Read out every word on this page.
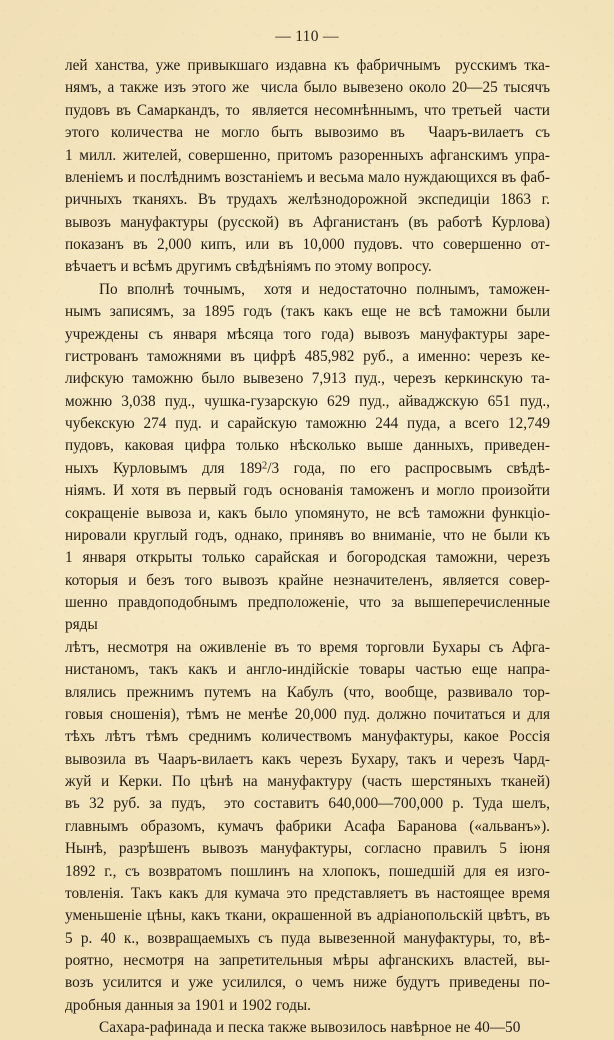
— 110 —

лей ханства, уже привыкшаго издавна къ фабричнымъ  русскимъ тка-
нямъ, а также изъ этого же  числа было вывезено около 20—25 тысячъ
пудовъ въ Самаркандъ, то  является несомнѣннымъ, что третьей  части
этого количества не могло быть вывозимо въ  Чааръ-вилаетъ съ
1 милл. жителей, совершенно, притомъ разоренныхъ афганскимъ упра-
вленіемъ и послѣднимъ возстаніемъ и весьма мало нуждающихся въ фаб-
ричныхъ тканяхъ. Въ трудахъ желѣзнодорожной экспедиціи 1863 г.
вывозъ мануфактуры (русской) въ Афганистанъ (въ работѣ Курлова)
показанъ въ 2,000 кипъ, или въ 10,000 пудовъ. что совершенно от-
вѣчаетъ и всѣмъ другимъ свѣдѣніямъ по этому вопросу.

По вполнѣ точнымъ,  хотя и недостаточно полнымъ, таможен-
нымъ записямъ, за 1895 годъ (такъ какъ еще не всѣ таможни были
учреждены съ января мѣсяца того года) вывозъ мануфактуры заре-
гистрованъ таможнями въ цифрѣ 485,982 руб., а именно: черезъ ке-
лифскую таможню было вывезено 7,913 пуд., черезъ керкинскую та-
можню 3,038 пуд., чушка-гузарскую 629 пуд., айваджскую 651 пуд.,
чубекскую 274 пуд. и сарайскую таможню 244 пуда, а всего 12,749
пудовъ, каковая цифра только нѣсколько выше данныхъ, приведен-
ныхъ Курловымъ для $189^2/3$ года, по его распросвымъ свѣдѣ-
ніямъ. И хотя въ первый годъ основанія таможенъ и могло произойти
сокращеніе вывоза и, какъ было упомянуто, не всѣ таможни функціо-
нировали круглый годъ, однако, принявъ во вниманіе, что не были къ
1 января открыты только сарайская и богородская таможни, черезъ
которыя и безъ того вывозъ крайне незначителенъ, является совер-
шенно правдоподобнымъ предположеніе, что за вышеперечисленные ряды
лѣтъ, несмотря на оживленіе въ то время торговли Бухары съ Афга-
нистаномъ, такъ какъ и англо-индійскіе товары частью еще напра-
влялись прежнимъ путемъ на Кабулъ (что, вообще, развивало тор-
говыя сношенія), тѣмъ не менѣе 20,000 пуд. должно почитаться и для
тѣхъ лѣтъ тѣмъ среднимъ количествомъ мануфактуры, какое Россія
вывозила въ Чааръ-вилаетъ какъ черезъ Бухару, такъ и черезъ Чард-
жуй и Керки. По цѣнѣ на мануфактуру (часть шерстяныхъ тканей)
въ 32 руб. за пудъ,  это составитъ 640,000—700,000 р. Туда шелъ,
главнымъ образомъ, кумачъ фабрики Асафа Баранова («альванъ»).
Нынѣ, разрѣшенъ вывозъ мануфактуры, согласно правилъ 5 іюня
1892 г., съ возвратомъ пошлинъ на хлопокъ, пошедшій для ея изго-
товленія. Такъ какъ для кумача это представляетъ въ настоящее время
уменьшеніе цѣны, какъ ткани, окрашенной въ адріанопольскій цвѣтъ, въ
5 р. 40 к., возвращаемыхъ съ пуда вывезенной мануфактуры, то, вѣ-
роятно, несмотря на запретительныя мѣры афганскихъ властей, вы-
возъ усилится и уже усилился, о чемъ ниже будутъ приведены по-
дробныя данныя за 1901 и 1902 годы.

Сахара-рафинада и песка также вывозилось навѣрное не 40—50
